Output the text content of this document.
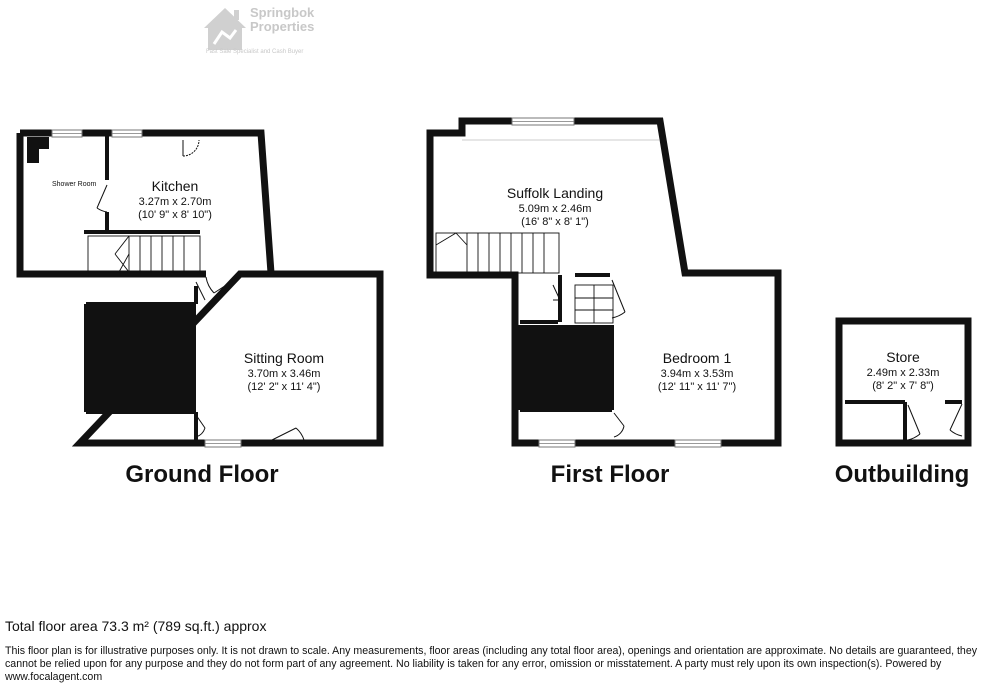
Springbok
Properties
Fast Sale Specialist and Cash Buyer
Shower Room	Kitchen
3.27m x 2.70m
(10' 9" x 8' 10")
Sitting Room
3.70m x 3.46m
(12' 2" x 11' 4")
Ground Floor
Suffolk Landing
5.09m x 2.46m
(16' 8" x 8' 1")
Bedroom 1
3.94m x 3.53m
(12' 11" x 11' 7")
First Floor
Store
2.49m x 2.33m
(8' 2" x 7' 8")
Outbuilding
Total floor area 73.3 m² (789 sq.ft.) approx
This floor plan is for illustrative purposes only. It is not drawn to scale. Any measurements, floor areas (including any total floor area), openings and orientation are approximate. No details are guaranteed, they cannot be relied upon for any purpose and they do not form part of any agreement. No liability is taken for any error, omission or misstatement. A party must rely upon its own inspection(s). Powered by www.focalagent.com
